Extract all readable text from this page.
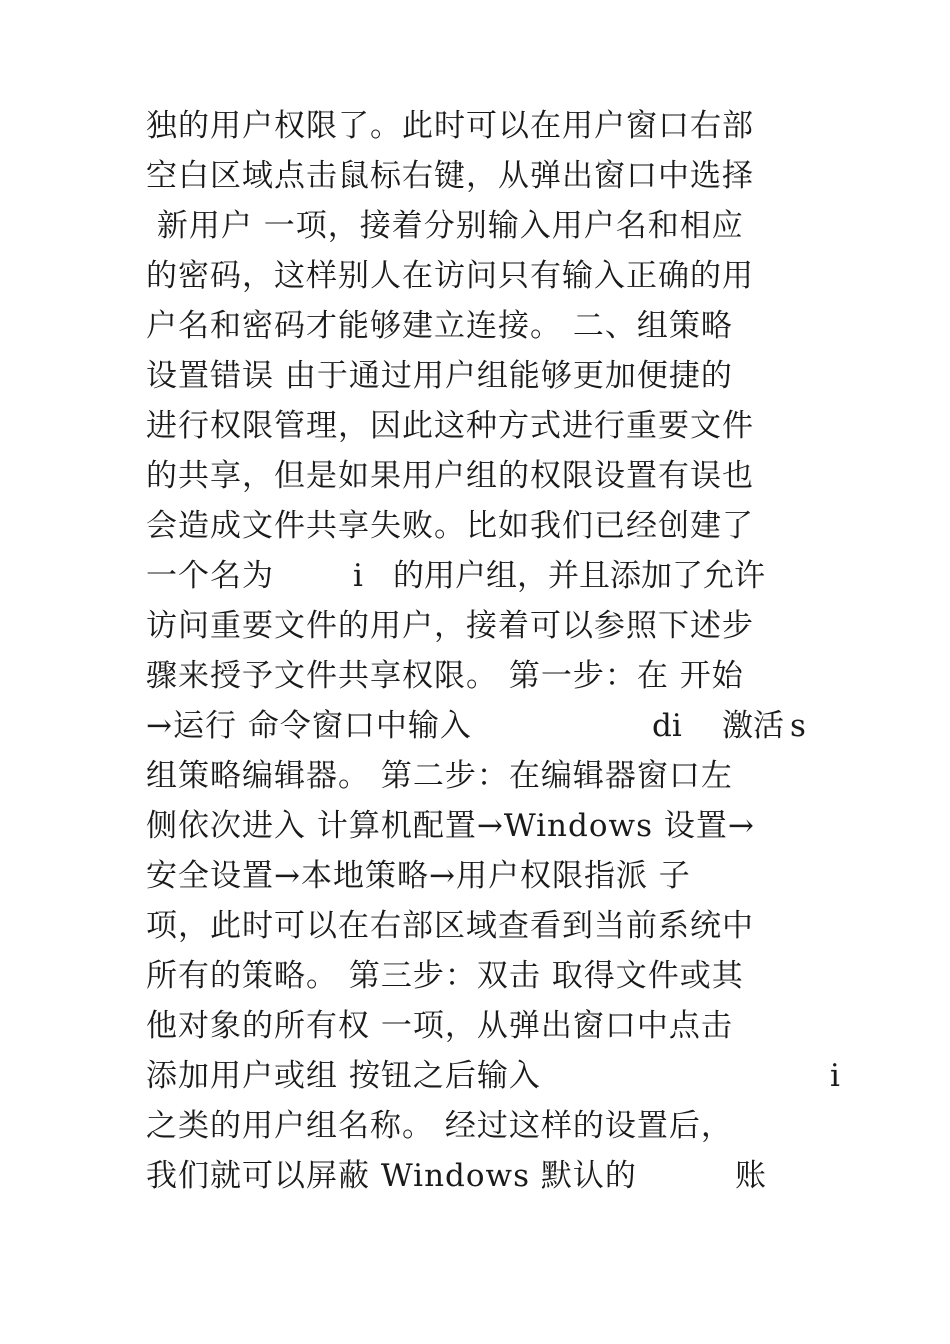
独的用户权限了。此时可以在用户窗口右部
空白区域点击鼠标右键，从弹出窗口中选择
新用户 一项，接着分别输入用户名和相应
的密码，这样别人在访问只有输入正确的用
户名和密码才能够建立连接。 二、组策略
设置错误 由于通过用户组能够更加便捷的
进行权限管理，因此这种方式进行重要文件
的共享，但是如果用户组的权限设置有误也
会造成文件共享失败。比如我们已经创建了
一个名为	i 的用户组，并且添加了允许
访问重要文件的用户，接着可以参照下述步
骤来授予文件共享权限。 第一步：在 开始
→运行 命令窗口中输入	di 激活 s
组策略编辑器。 第二步：在编辑器窗口左
侧依次进入 计算机配置→Windows 设置→
安全设置→本地策略→用户权限指派 子
项，此时可以在右部区域查看到当前系统中
所有的策略。 第三步：双击 取得文件或其
他对象的所有权 一项，从弹出窗口中点击
添加用户或组 按钮之后输入	i
之类的用户组名称。 经过这样的设置后，
我们就可以屏蔽 Windows 默认的	账
